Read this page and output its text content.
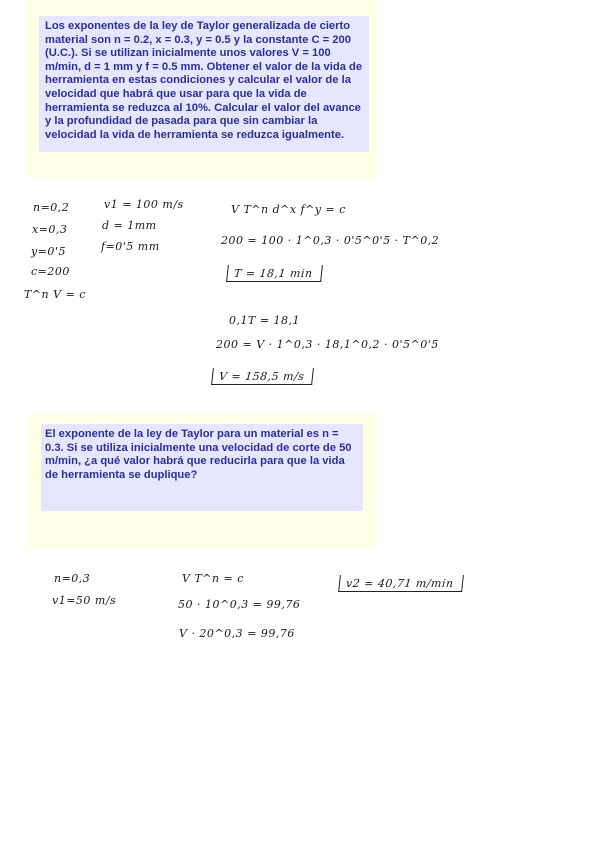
Los exponentes de la ley de Taylor generalizada de cierto material son n = 0.2, x = 0.3, y = 0.5 y la constante C = 200 (U.C.). Si se utilizan inicialmente unos valores V = 100 m/min, d = 1 mm y f = 0.5 mm. Obtener el valor de la vida de herramienta en estas condiciones y calcular el valor de la velocidad que habrá que usar para que la vida de herramienta se reduzca al 10%. Calcular el valor del avance y la profundidad de pasada para que sin cambiar la velocidad la vida de herramienta se reduzca igualmente.

n=0,2
x=0,3
y=0'5
c=200
T^n V = c
v1 = 100 m/s
d = 1mm
f=0'5 mm
V T^n d^x f^y = c
200 = 100 · 1^0,3 · 0'5^0'5 · T^0,2
T = 18,1 min
0,1T = 18,1
200 = V · 1^0,3 · 18,1^0,2 · 0'5^0'5
V = 158,5 m/s

El exponente de la ley de Taylor para un material es n = 0.3. Si se utiliza inicialmente una velocidad de corte de 50 m/min, ¿a qué valor habrá que reducirla para que la vida de herramienta se duplique?

n=0,3
v1=50 m/s
V T^n = c
50 · 10^0,3 = 99,76
V · 20^0,3 = 99,76
v2 = 40,71 m/min
